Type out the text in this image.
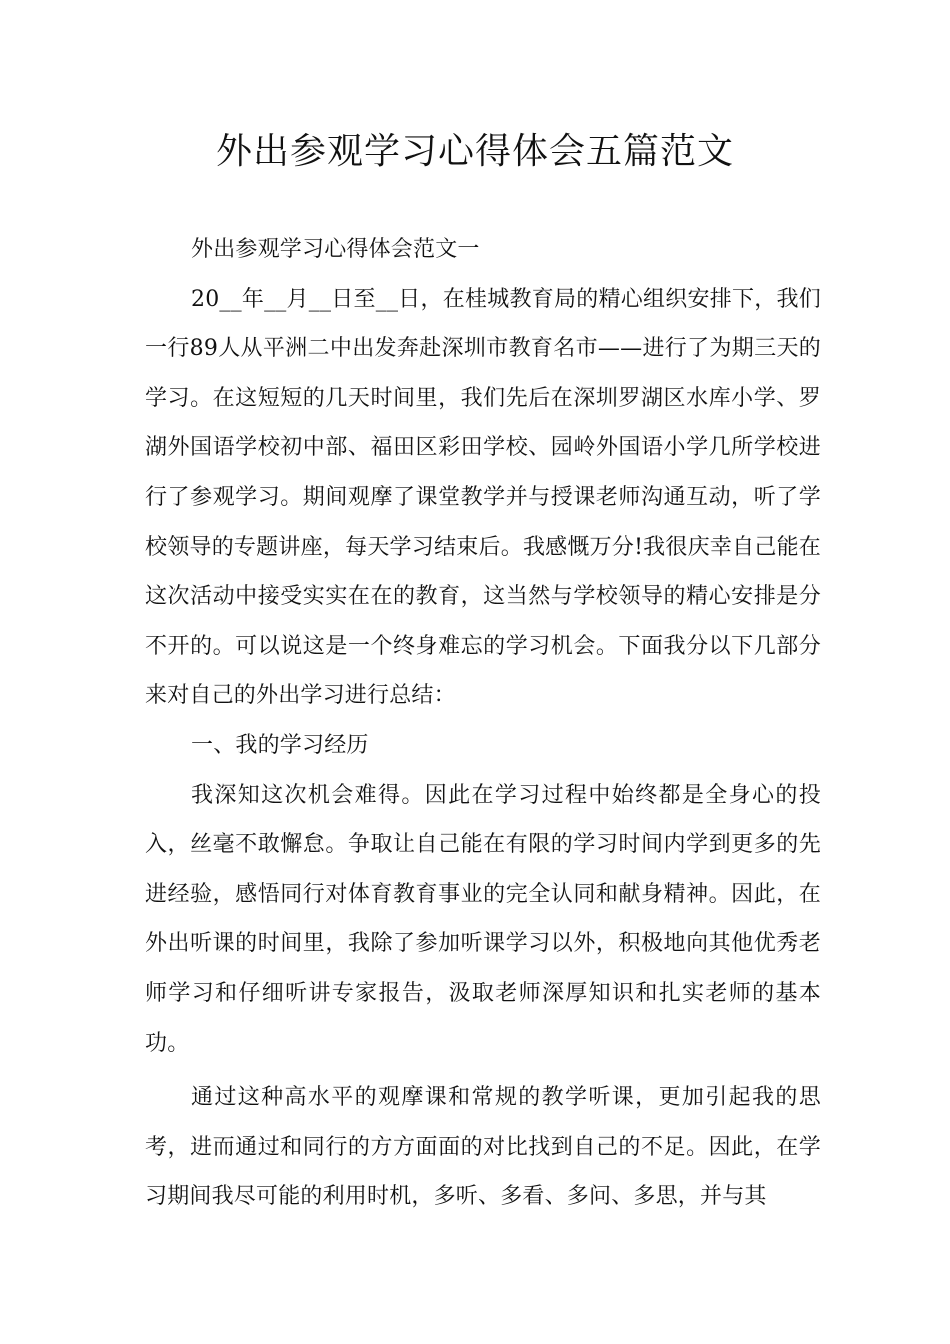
外出参观学习心得体会五篇范文

外出参观学习心得体会范文一

20__年__月__日至__日，在桂城教育局的精心组织安排下，我们一行89人从平洲二中出发奔赴深圳市教育名市——进行了为期三天的学习。在这短短的几天时间里，我们先后在深圳罗湖区水库小学、罗湖外国语学校初中部、福田区彩田学校、园岭外国语小学几所学校进行了参观学习。期间观摩了课堂教学并与授课老师沟通互动，听了学校领导的专题讲座，每天学习结束后。我感慨万分!我很庆幸自己能在这次活动中接受实实在在的教育，这当然与学校领导的精心安排是分不开的。可以说这是一个终身难忘的学习机会。下面我分以下几部分来对自己的外出学习进行总结：

一、我的学习经历

我深知这次机会难得。因此在学习过程中始终都是全身心的投入，丝毫不敢懈怠。争取让自己能在有限的学习时间内学到更多的先进经验，感悟同行对体育教育事业的完全认同和献身精神。因此，在外出听课的时间里，我除了参加听课学习以外，积极地向其他优秀老师学习和仔细听讲专家报告，汲取老师深厚知识和扎实老师的基本功。

通过这种高水平的观摩课和常规的教学听课，更加引起我的思考，进而通过和同行的方方面面的对比找到自己的不足。因此，在学习期间我尽可能的利用时机，多听、多看、多问、多思，并与其
